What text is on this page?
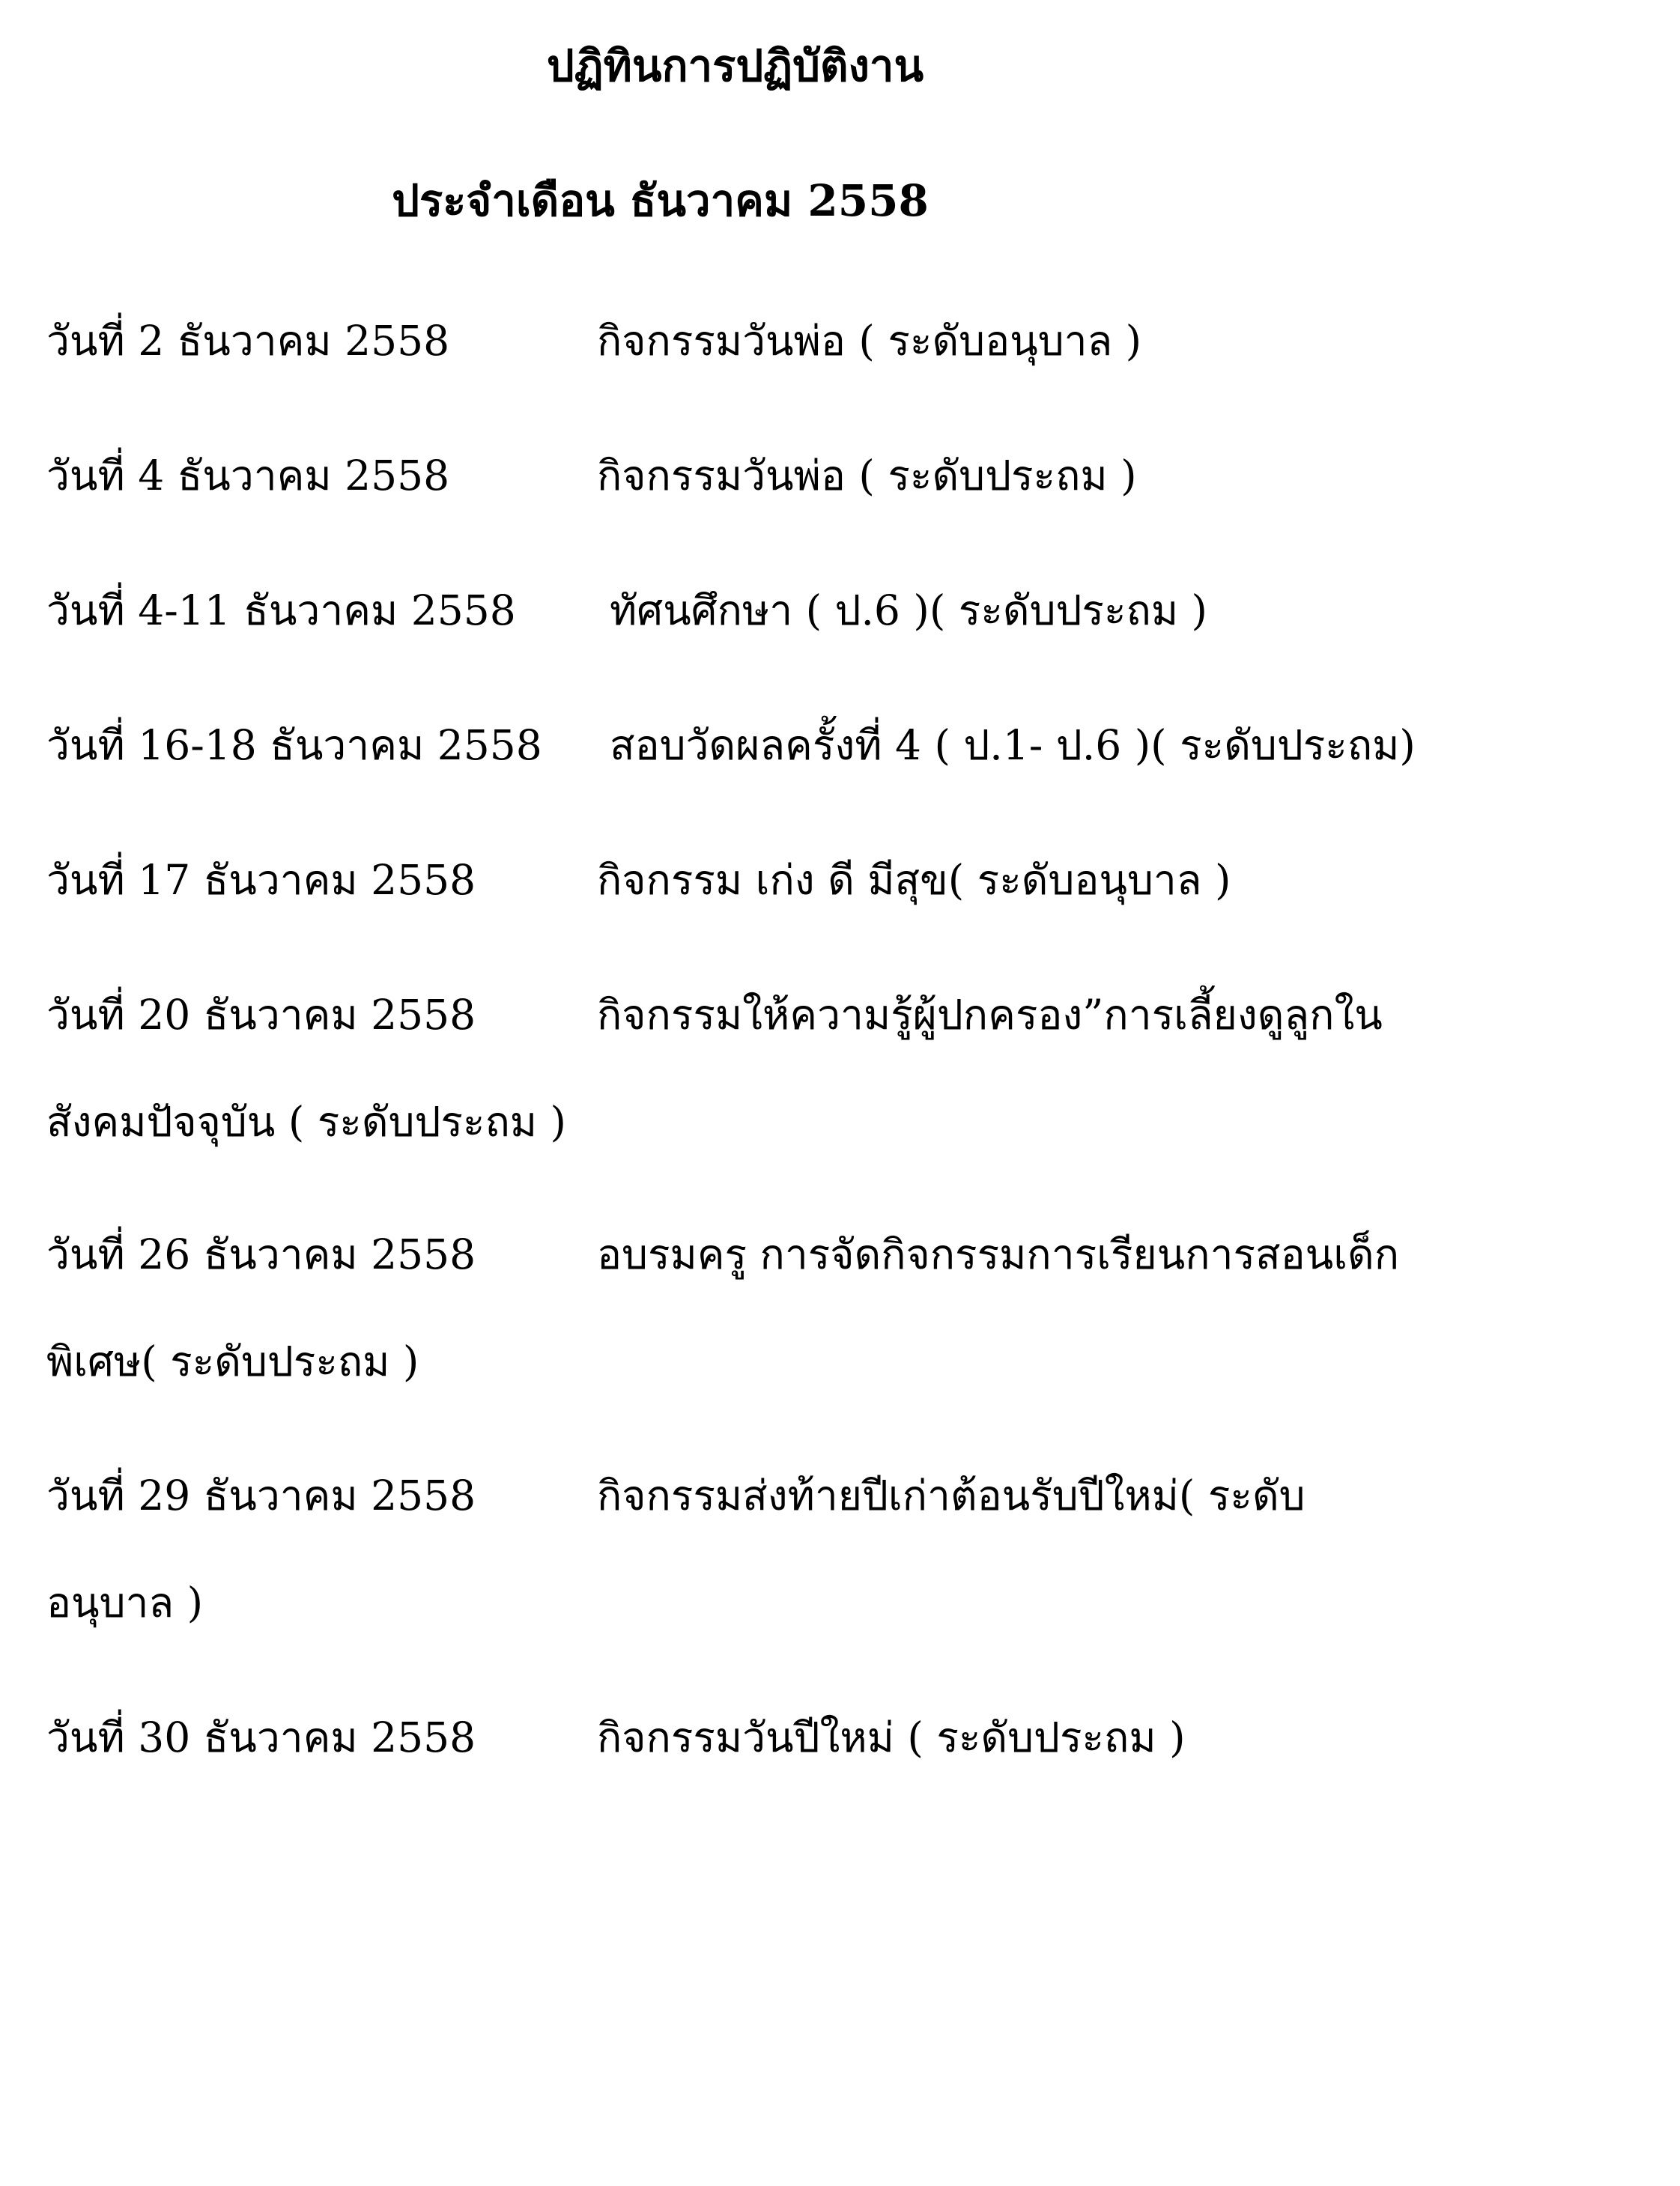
ปฏิทินการปฏิบัติงาน
ประจำเดือน ธันวาคม 2558
วันที่ 2 ธันวาคม 2558	กิจกรรมวันพ่อ ( ระดับอนุบาล )
วันที่ 4 ธันวาคม 2558	กิจกรรมวันพ่อ ( ระดับประถม )
วันที่ 4-11 ธันวาคม 2558 ทัศนศึกษา ( ป.6 )( ระดับประถม )
วันที่ 16-18 ธันวาคม 2558 สอบวัดผลครั้งที่ 4 ( ป.1- ป.6 )( ระดับประถม)
วันที่ 17 ธันวาคม 2558	กิจกรรม เก่ง ดี มีสุข( ระดับอนุบาล )
วันที่ 20 ธันวาคม 2558	กิจกรรมให้ความรู้ผู้ปกครอง”การเลี้ยงดูลูกใน
สังคมปัจจุบัน ( ระดับประถม )
วันที่ 26 ธันวาคม 2558	อบรมครู การจัดกิจกรรมการเรียนการสอนเด็ก
พิเศษ( ระดับประถม )
วันที่ 29 ธันวาคม 2558	กิจกรรมส่งท้ายปีเก่าต้อนรับปีใหม่( ระดับ
อนุบาล )
วันที่ 30 ธันวาคม 2558	กิจกรรมวันปีใหม่ ( ระดับประถม )
